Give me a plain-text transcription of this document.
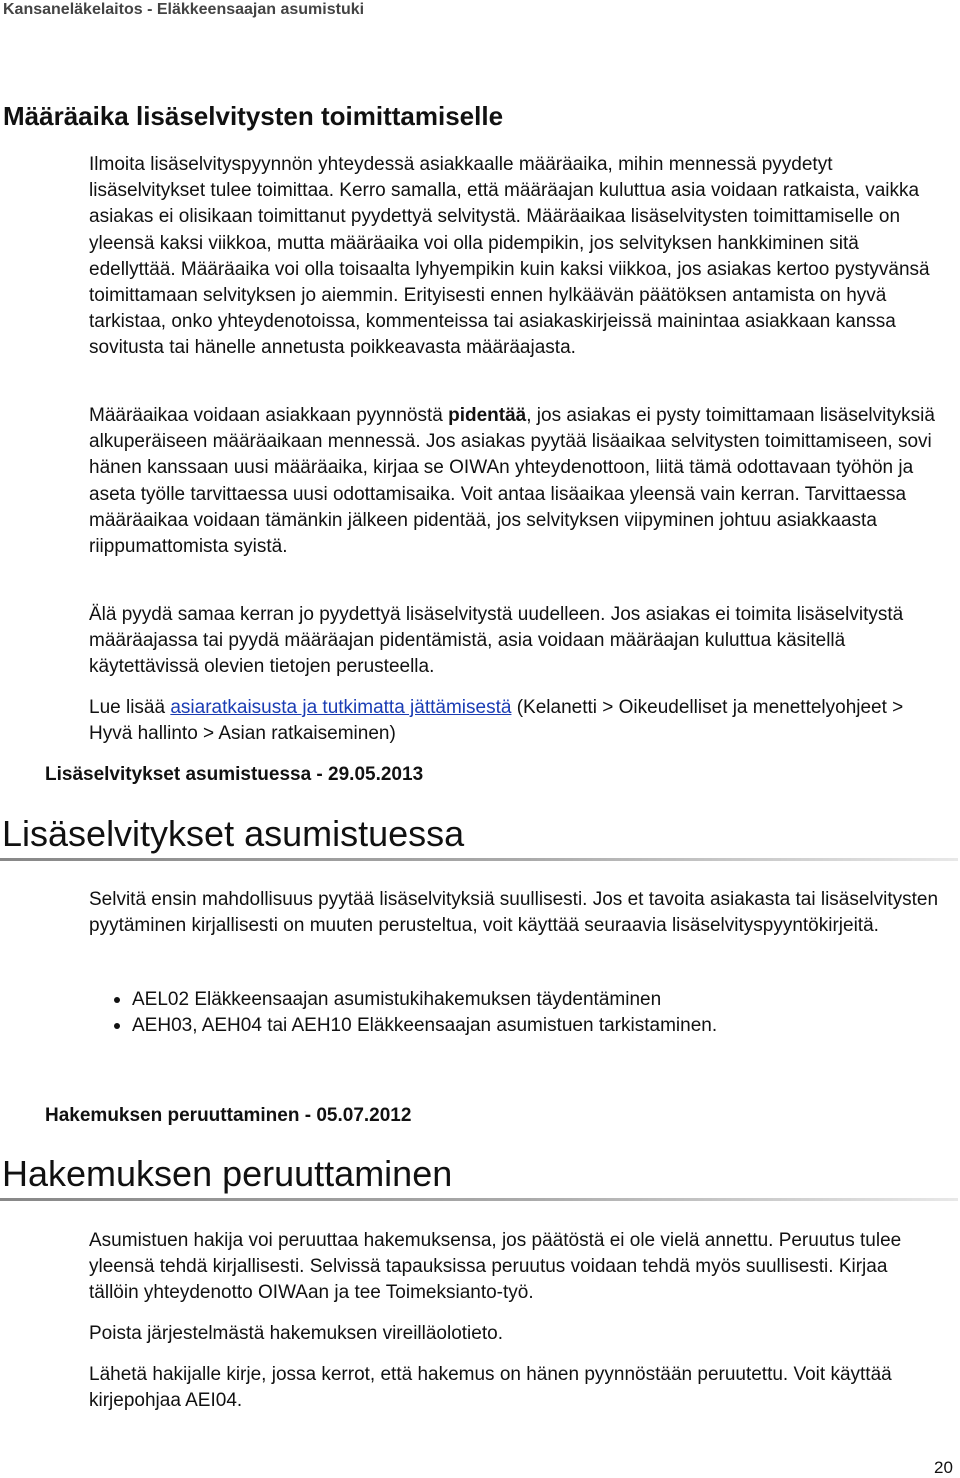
Kansaneläkelaitos - Eläkkeensaajan asumistuki
Määräaika lisäselvitysten toimittamiselle

Ilmoita lisäselvityspyynnön yhteydessä asiakkaalle määräaika, mihin mennessä pyydetyt lisäselvitykset tulee toimittaa. Kerro samalla, että määräajan kuluttua asia voidaan ratkaista, vaikka asiakas ei olisikaan toimittanut pyydettyä selvitystä. Määräaikaa lisäselvitysten toimittamiselle on yleensä kaksi viikkoa, mutta määräaika voi olla pidempikin, jos selvityksen hankkiminen sitä edellyttää. Määräaika voi olla toisaalta lyhyempikin kuin kaksi viikkoa, jos asiakas kertoo pystyvänsä toimittamaan selvityksen jo aiemmin. Erityisesti ennen hylkäävän päätöksen antamista on hyvä tarkistaa, onko yhteydenotoissa, kommenteissa tai asiakaskirjeissä mainintaa asiakkaan kanssa sovitusta tai hänelle annetusta poikkeavasta määräajasta.

Määräaikaa voidaan asiakkaan pyynnöstä pidentää, jos asiakas ei pysty toimittamaan lisäselvityksiä alkuperäiseen määräaikaan mennessä. Jos asiakas pyytää lisäaikaa selvitysten toimittamiseen, sovi hänen kanssaan uusi määräaika, kirjaa se OIWAn yhteydenottoon, liitä tämä odottavaan työhön ja aseta työlle tarvittaessa uusi odottamisaika. Voit antaa lisäaikaa yleensä vain kerran. Tarvittaessa määräaikaa voidaan tämänkin jälkeen pidentää, jos selvityksen viipyminen johtuu asiakkaasta riippumattomista syistä.

Älä pyydä samaa kerran jo pyydettyä lisäselvitystä uudelleen. Jos asiakas ei toimita lisäselvitystä määräajassa tai pyydä määräajan pidentämistä, asia voidaan määräajan kuluttua käsitellä käytettävissä olevien tietojen perusteella.

Lue lisää asiaratkaisusta ja tutkimatta jättämisestä (Kelanetti > Oikeudelliset ja menettelyohjeet > Hyvä hallinto > Asian ratkaiseminen)

Lisäselvitykset asumistuessa - 29.05.2013
Lisäselvitykset asumistuessa

Selvitä ensin mahdollisuus pyytää lisäselvityksiä suullisesti. Jos et tavoita asiakasta tai lisäselvitysten pyytäminen kirjallisesti on muuten perusteltua, voit käyttää seuraavia lisäselvityspyyntökirjeitä.

AEL02 Eläkkeensaajan asumistukihakemuksen täydentäminen
AEH03, AEH04 tai AEH10 Eläkkeensaajan asumistuen tarkistaminen.
Hakemuksen peruuttaminen - 05.07.2012
Hakemuksen peruuttaminen

Asumistuen hakija voi peruuttaa hakemuksensa, jos päätöstä ei ole vielä annettu. Peruutus tulee yleensä tehdä kirjallisesti. Selvissä tapauksissa peruutus voidaan tehdä myös suullisesti. Kirjaa tällöin yhteydenotto OIWAan ja tee Toimeksianto-työ.

Poista järjestelmästä hakemuksen vireilläolotieto.

Lähetä hakijalle kirje, jossa kerrot, että hakemus on hänen pyynnöstään peruutettu. Voit käyttää kirjepohjaa AEI04.

20
